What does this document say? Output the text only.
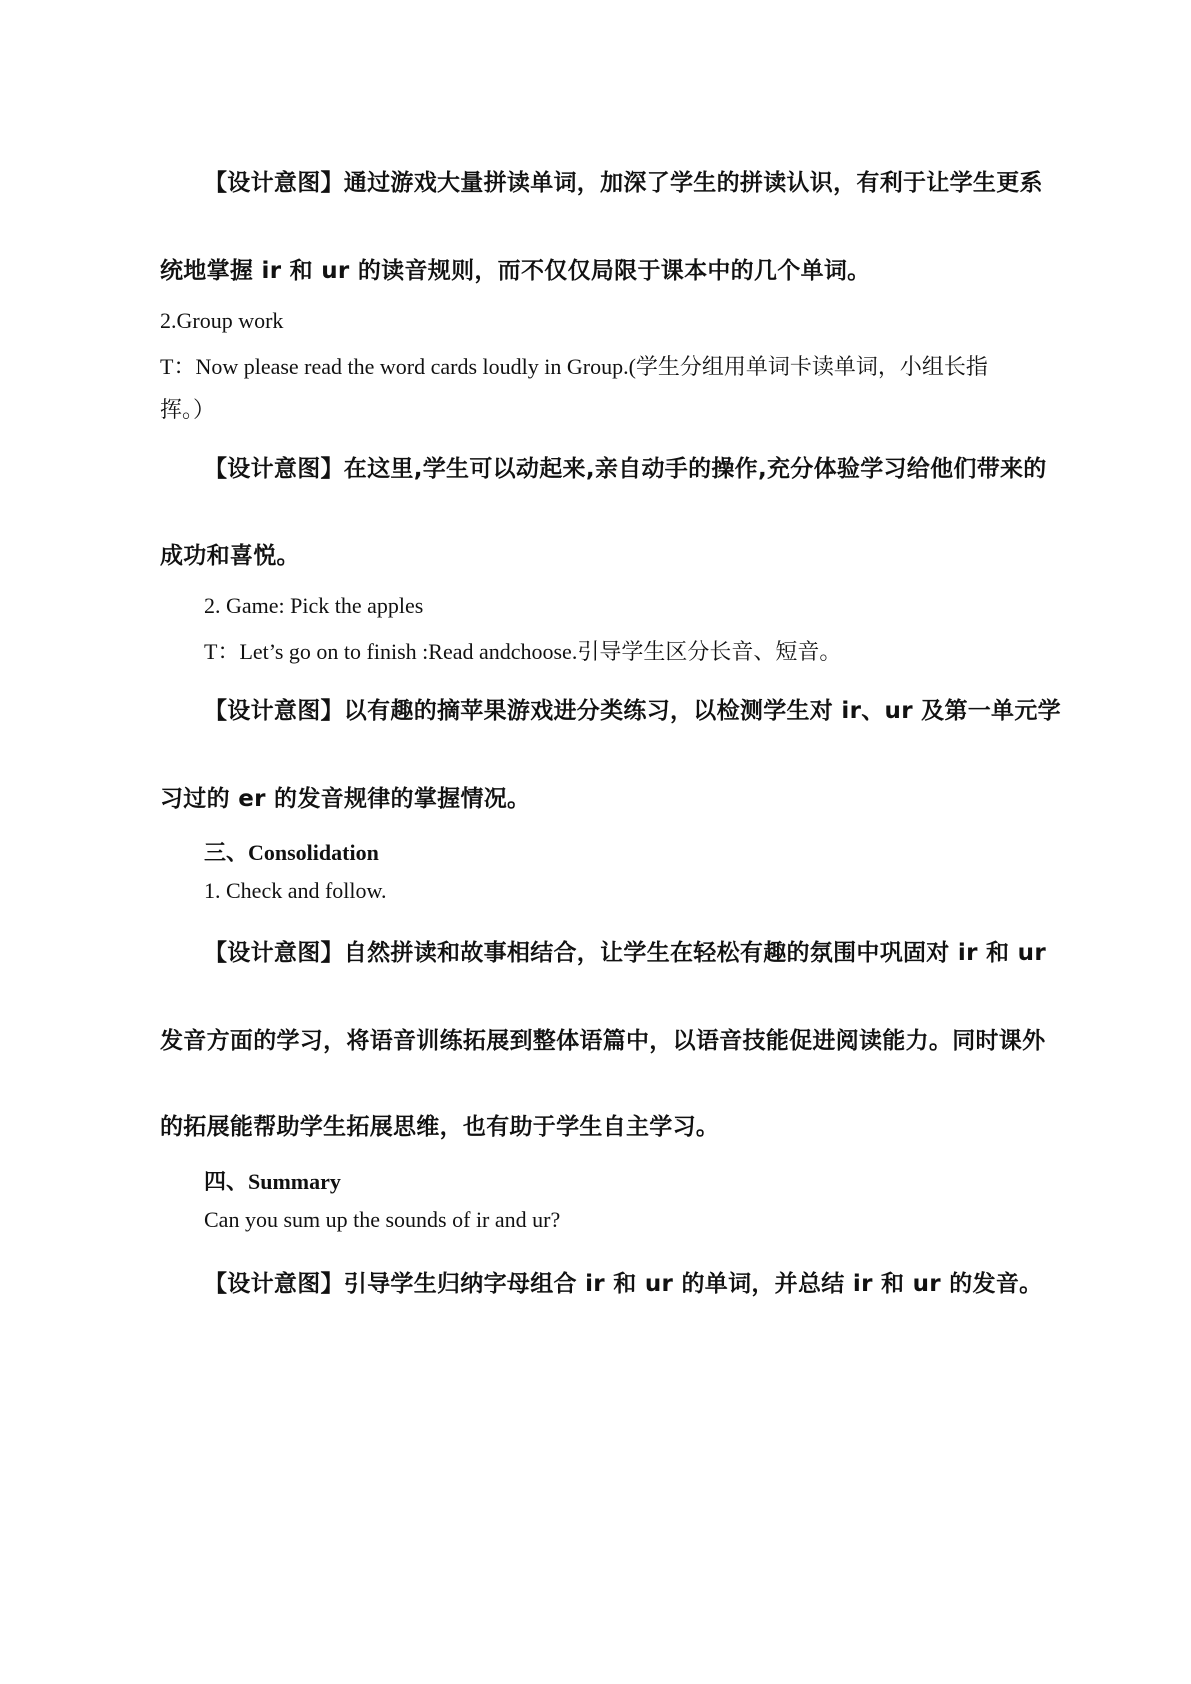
【设计意图】通过游戏大量拼读单词，加深了学生的拼读认识，有利于让学生更系
统地掌握 ir 和 ur 的读音规则，而不仅仅局限于课本中的几个单词。
2.Group work
T：Now please read the word cards loudly in Group.(学生分组用单词卡读单词，小组长指
挥。）
【设计意图】在这里,学生可以动起来,亲自动手的操作,充分体验学习给他们带来的
成功和喜悦。
2. Game: Pick the apples
T：Let’s go on to finish :Read andchoose.引导学生区分长音、短音。
【设计意图】以有趣的摘苹果游戏进分类练习，以检测学生对 ir、ur 及第一单元学
习过的 er 的发音规律的掌握情况。
三、Consolidation
1. Check and follow.
【设计意图】自然拼读和故事相结合，让学生在轻松有趣的氛围中巩固对 ir 和 ur
发音方面的学习，将语音训练拓展到整体语篇中，以语音技能促进阅读能力。同时课外
的拓展能帮助学生拓展思维，也有助于学生自主学习。
四、Summary
Can you sum up the sounds of ir and ur?
【设计意图】引导学生归纳字母组合 ir 和 ur 的单词，并总结 ir 和 ur 的发音。
